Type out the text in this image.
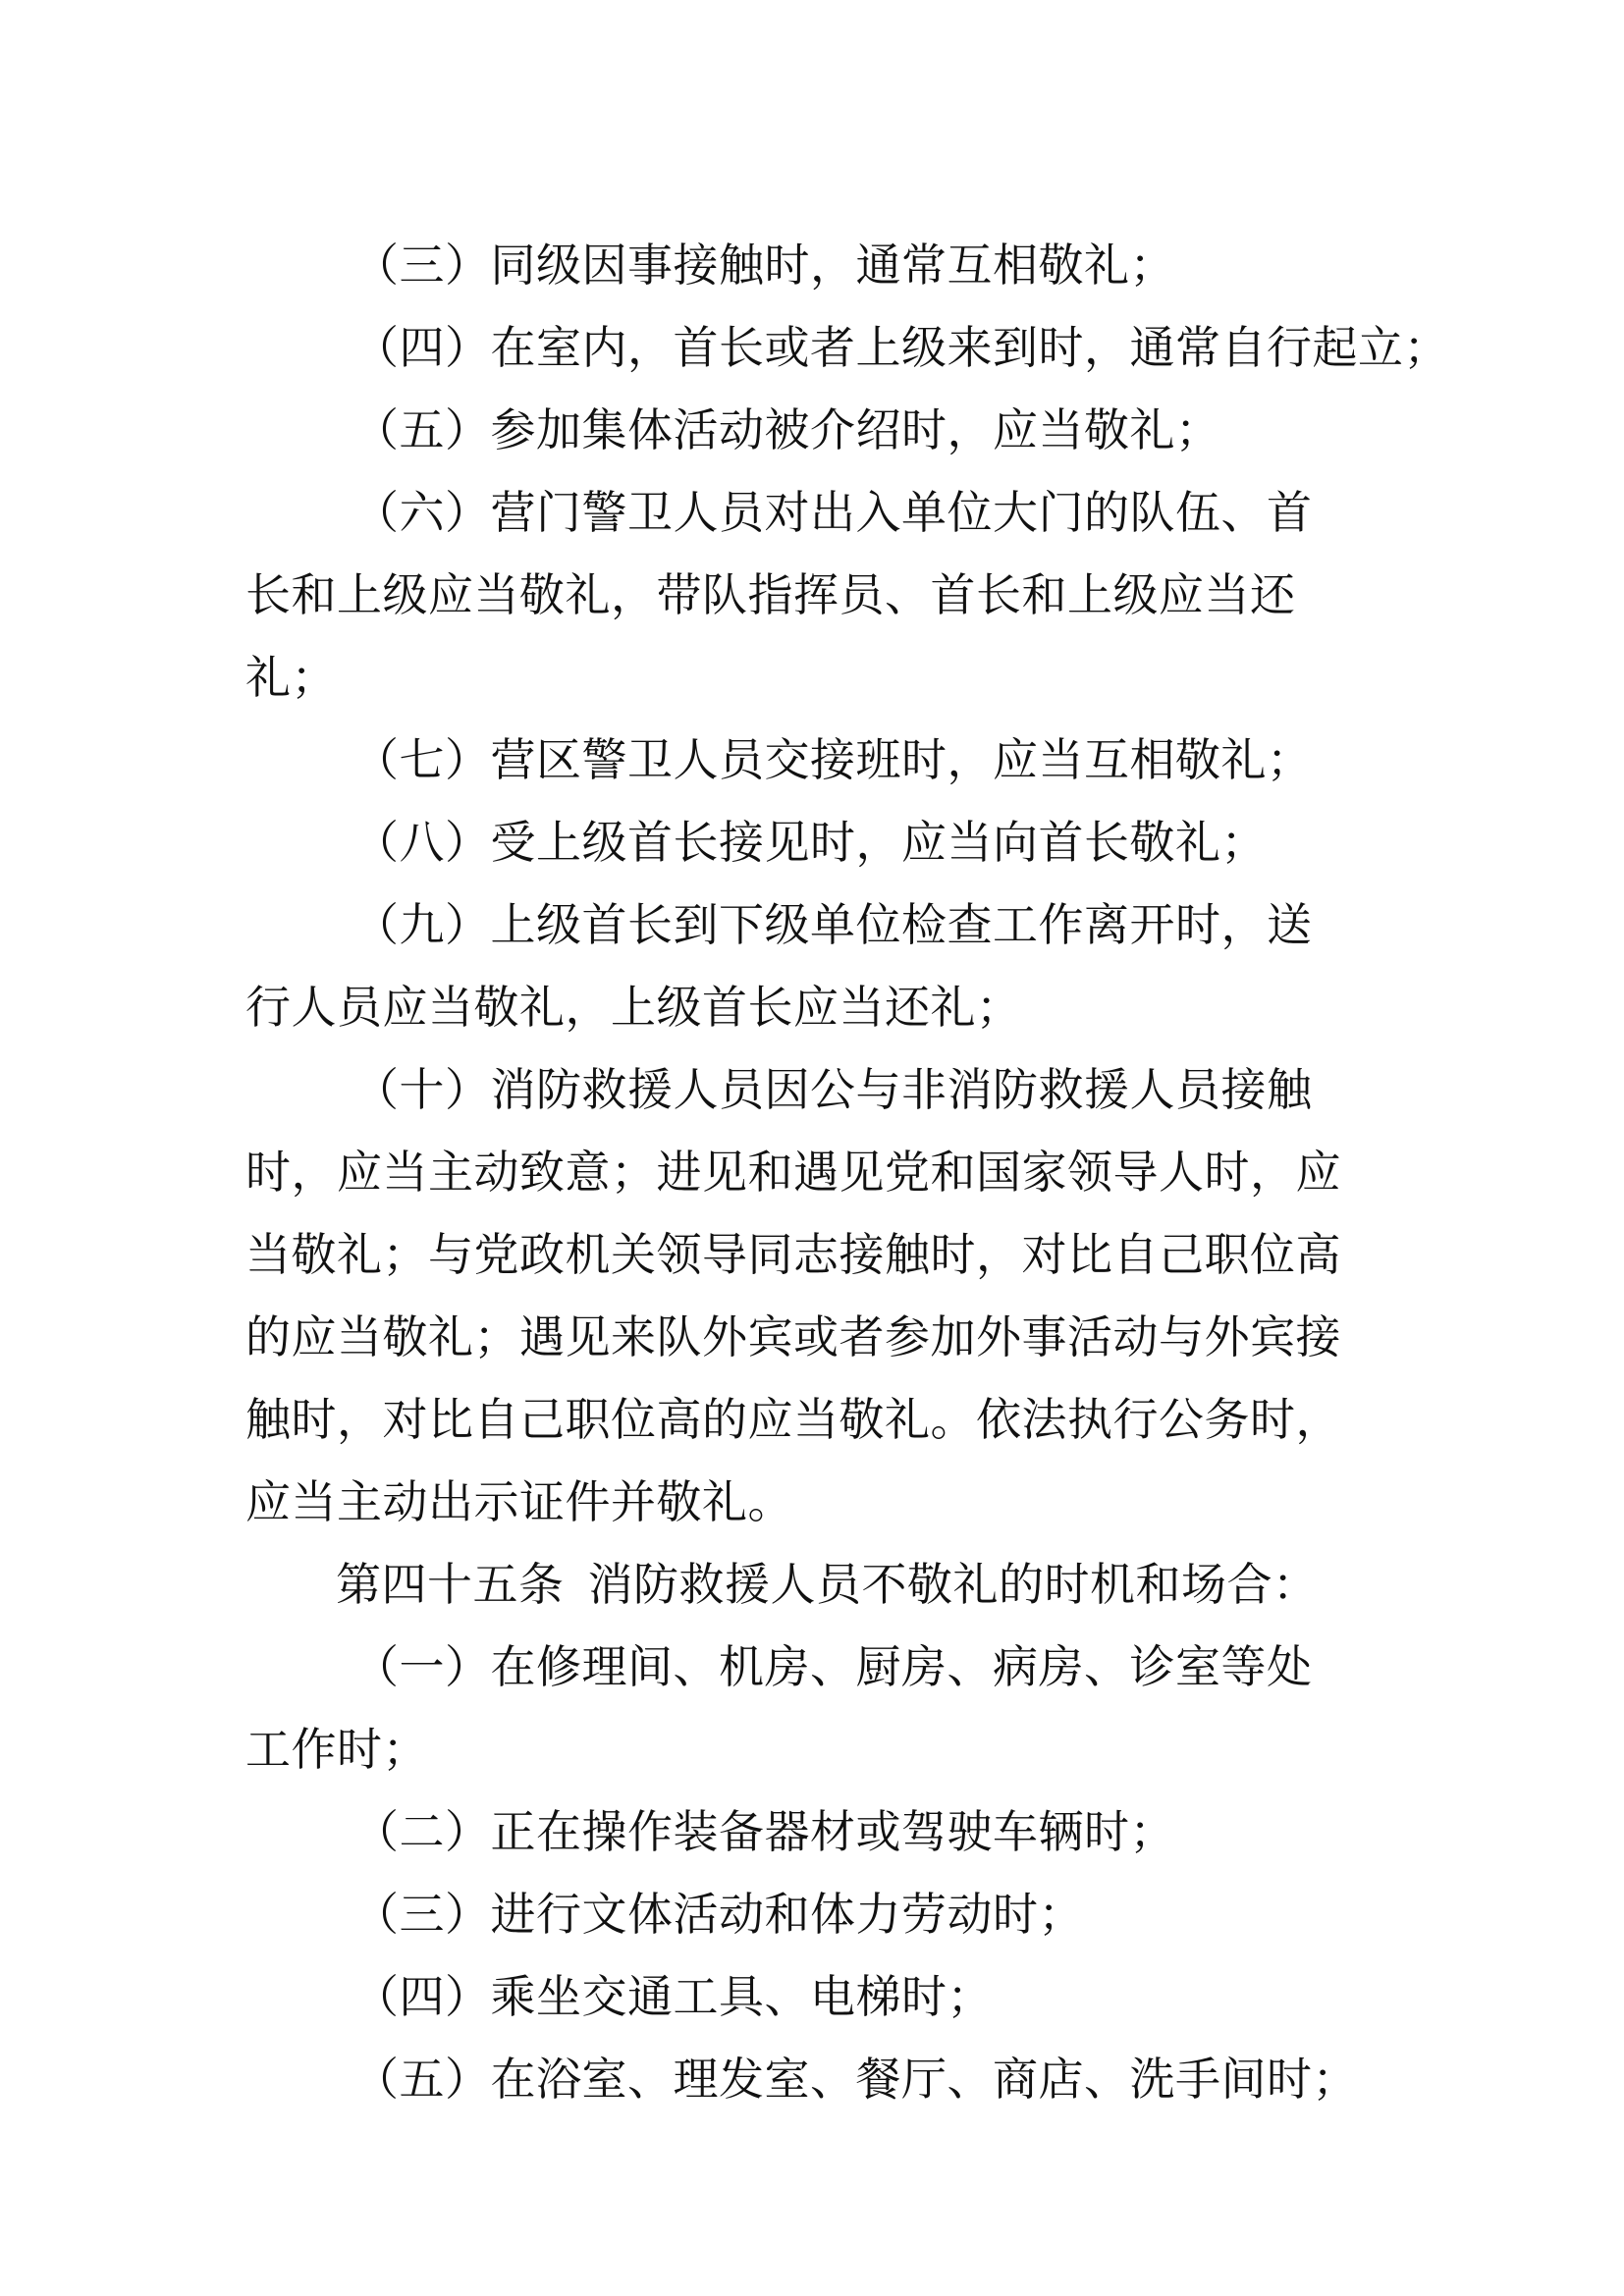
（三）同级因事接触时，通常互相敬礼；

（四）在室内，首长或者上级来到时，通常自行起立；

（五）参加集体活动被介绍时，应当敬礼；

（六）营门警卫人员对出入单位大门的队伍、首长和上级应当敬礼，带队指挥员、首长和上级应当还礼；

（七）营区警卫人员交接班时，应当互相敬礼；

（八）受上级首长接见时，应当向首长敬礼；

（九）上级首长到下级单位检查工作离开时，送行人员应当敬礼，上级首长应当还礼；

（十）消防救援人员因公与非消防救援人员接触时，应当主动致意；进见和遇见党和国家领导人时，应当敬礼；与党政机关领导同志接触时，对比自己职位高的应当敬礼；遇见来队外宾或者参加外事活动与外宾接触时，对比自己职位高的应当敬礼。依法执行公务时，应当主动出示证件并敬礼。

第四十五条 消防救援人员不敬礼的时机和场合：

（一）在修理间、机房、厨房、病房、诊室等处工作时；

（二）正在操作装备器材或驾驶车辆时；

（三）进行文体活动和体力劳动时；

（四）乘坐交通工具、电梯时；

（五）在浴室、理发室、餐厅、商店、洗手间时；
